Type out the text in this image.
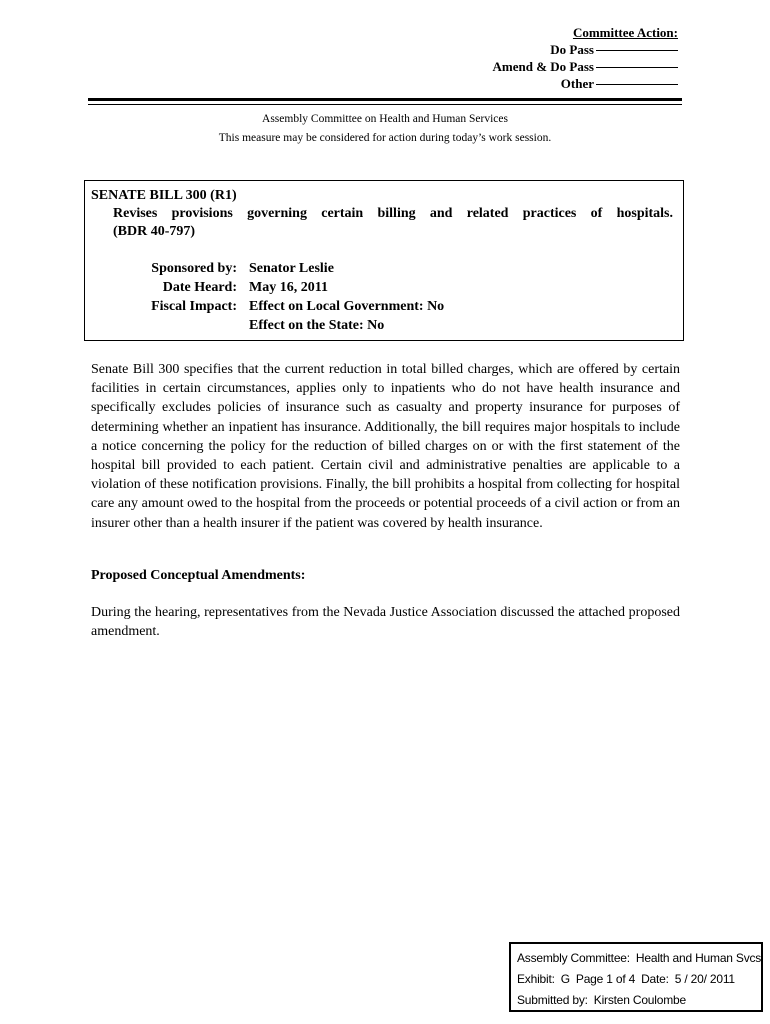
Committee Action:
Do Pass
Amend & Do Pass
Other
Assembly Committee on Health and Human Services
This measure may be considered for action during today’s work session.
SENATE BILL 300 (R1)
Revises provisions governing certain billing and related practices of hospitals.
(BDR 40-797)
Sponsored by:	Senator Leslie
Date Heard:	May 16, 2011
Fiscal Impact:	Effect on Local Government: No
	Effect on the State: No

Senate Bill 300 specifies that the current reduction in total billed charges, which are offered by certain facilities in certain circumstances, applies only to inpatients who do not have health insurance and specifically excludes policies of insurance such as casualty and property insurance for purposes of determining whether an inpatient has insurance. Additionally, the bill requires major hospitals to include a notice concerning the policy for the reduction of billed charges on or with the first statement of the hospital bill provided to each patient. Certain civil and administrative penalties are applicable to a violation of these notification provisions. Finally, the bill prohibits a hospital from collecting for hospital care any amount owed to the hospital from the proceeds or potential proceeds of a civil action or from an insurer other than a health insurer if the patient was covered by health insurance.

Proposed Conceptual Amendments:

During the hearing, representatives from the Nevada Justice Association discussed the attached proposed amendment.

Assembly Committee: Health and Human Svcs
Exhibit: G Page 1 of 4 Date: 5 / 20/ 2011
Submitted by: Kirsten Coulombe
